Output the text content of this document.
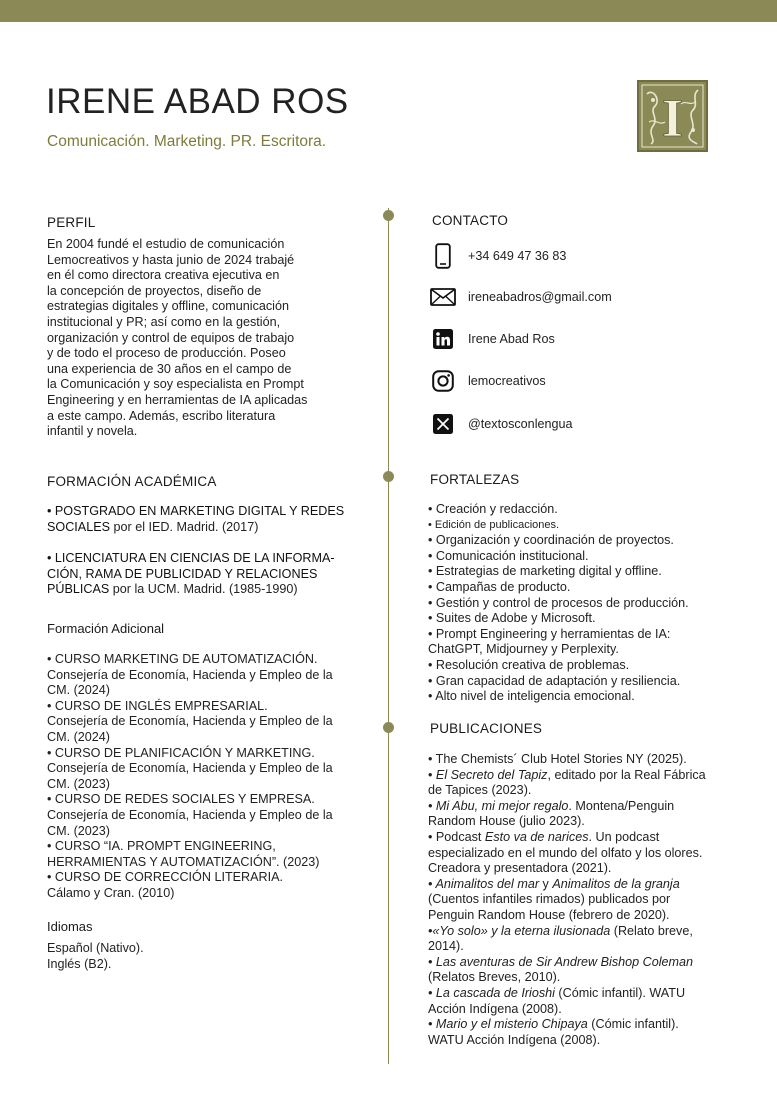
IRENE ABAD ROS
Comunicación. Marketing. PR. Escritora.	I
PERFIL
En 2004 fundé el estudio de comunicación
Lemocreativos y hasta junio de 2024 trabajé
en él como directora creativa ejecutiva en
la concepción de proyectos, diseño de
estrategias digitales y offline, comunicación
institucional y PR; así como en la gestión,
organización y control de equipos de trabajo
y de todo el proceso de producción. Poseo
una experiencia de 30 años en el campo de
la Comunicación y soy especialista en Prompt
Engineering y en herramientas de IA aplicadas
a este campo. Además, escribo literatura
infantil y novela.
FORMACIÓN ACADÉMICA
• POSTGRADO EN MARKETING DIGITAL Y REDES
SOCIALES por el IED. Madrid. (2017)
• LICENCIATURA EN CIENCIAS DE LA INFORMA-
CIÓN, RAMA DE PUBLICIDAD Y RELACIONES
PÚBLICAS por la UCM. Madrid. (1985-1990)
Formación Adicional
• CURSO MARKETING DE AUTOMATIZACIÓN.
Consejería de Economía, Hacienda y Empleo de la
CM. (2024)
• CURSO DE INGLÉS EMPRESARIAL.
Consejería de Economía, Hacienda y Empleo de la
CM. (2024)
• CURSO DE PLANIFICACIÓN Y MARKETING.
Consejería de Economía, Hacienda y Empleo de la
CM. (2023)
• CURSO DE REDES SOCIALES Y EMPRESA.
Consejería de Economía, Hacienda y Empleo de la
CM. (2023)
• CURSO “IA. PROMPT ENGINEERING,
HERRAMIENTAS Y AUTOMATIZACIÓN”. (2023)
• CURSO DE CORRECCIÓN LITERARIA.
Cálamo y Cran. (2010)
Idiomas
Español (Nativo).
Inglés (B2).
CONTACTO
+34 649 47 36 83
ireneabadros@gmail.com
Irene Abad Ros
lemocreativos
@textosconlengua
FORTALEZAS
• Creación y redacción.
• Edición de publicaciones.
• Organización y coordinación de proyectos.
• Comunicación institucional.
• Estrategias de marketing digital y offline.
• Campañas de producto.
• Gestión y control de procesos de producción.
• Suites de Adobe y Microsoft.
• Prompt Engineering y herramientas de IA:
ChatGPT, Midjourney y Perplexity.
• Resolución creativa de problemas.
• Gran capacidad de adaptación y resiliencia.
• Alto nivel de inteligencia emocional.
PUBLICACIONES
• The Chemists´ Club Hotel Stories NY (2025).
• El Secreto del Tapiz, editado por la Real Fábrica
de Tapices (2023).
• Mi Abu, mi mejor regalo. Montena/Penguin
Random House (julio 2023).
• Podcast Esto va de narices. Un podcast
especializado en el mundo del olfato y los olores.
Creadora y presentadora (2021).
• Animalitos del mar y Animalitos de la granja
(Cuentos infantiles rimados) publicados por
Penguin Random House (febrero de 2020).
•«Yo solo» y la eterna ilusionada (Relato breve,
2014).
• Las aventuras de Sir Andrew Bishop Coleman
(Relatos Breves, 2010).
• La cascada de Irioshi (Cómic infantil). WATU
Acción Indígena (2008).
• Mario y el misterio Chipaya (Cómic infantil).
WATU Acción Indígena (2008).
